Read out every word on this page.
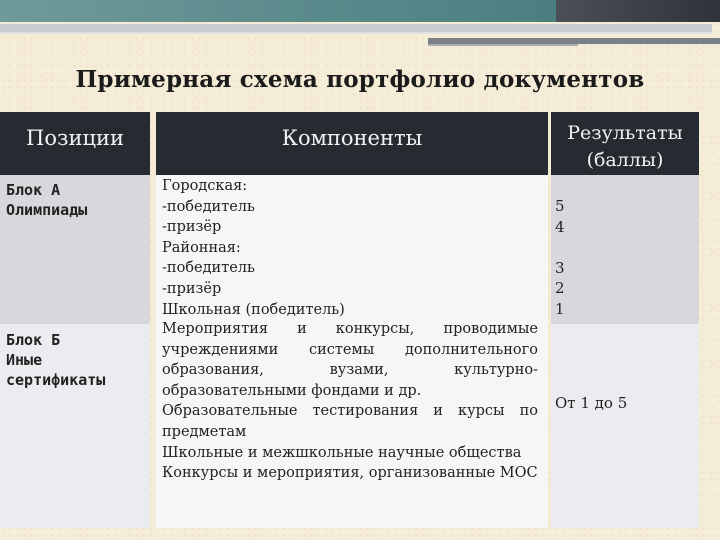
Примерная схема портфолио документов
Позиции	Компоненты	Результаты
(баллы)
Блок А
Олимпиады
Блок Б
Иные
сертификаты

Городская:

-победитель

-призёр

Районная:

-победитель

-призёр

Школьная (победитель)

5
4

3
2
1

Мероприятия и конкурсы, проводимые

учреждениями системы дополнительного

образования, вузами, культурно-

образовательными фондами и др.

Образовательные тестирования и курсы по

предметам

Школьные и межшкольные научные общества

Конкурсы и мероприятия, организованные МОС

От 1 до 5
